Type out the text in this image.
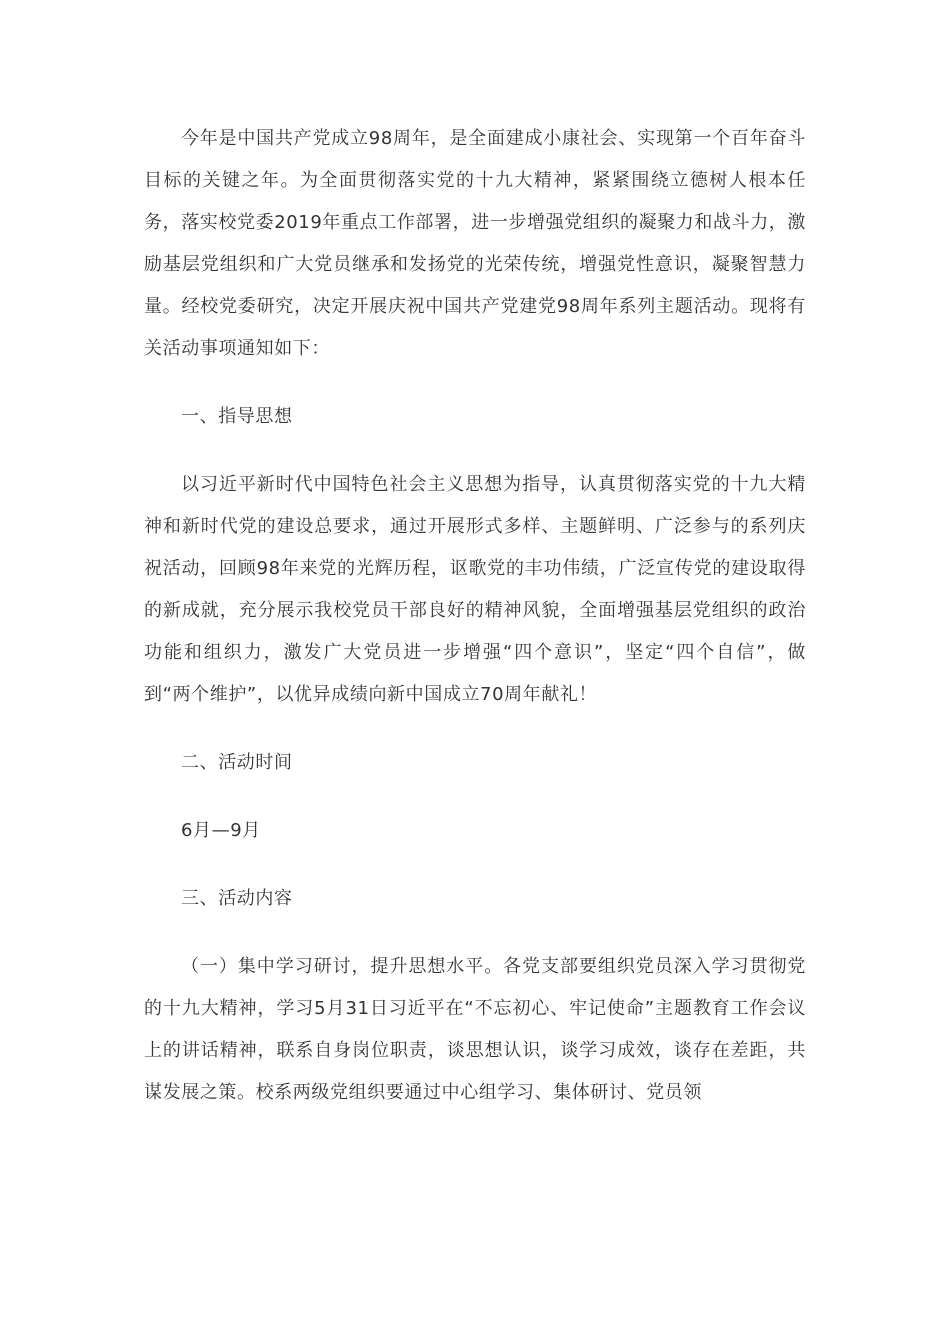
今年是中国共产党成立98周年，是全面建成小康社会、实现第一个百年奋斗目标的关键之年。为全面贯彻落实党的十九大精神，紧紧围绕立德树人根本任务，落实校党委2019年重点工作部署，进一步增强党组织的凝聚力和战斗力，激励基层党组织和广大党员继承和发扬党的光荣传统，增强党性意识，凝聚智慧力量。经校党委研究，决定开展庆祝中国共产党建党98周年系列主题活动。现将有关活动事项通知如下：

一、指导思想

以习近平新时代中国特色社会主义思想为指导，认真贯彻落实党的十九大精神和新时代党的建设总要求，通过开展形式多样、主题鲜明、广泛参与的系列庆祝活动，回顾98年来党的光辉历程，讴歌党的丰功伟绩，广泛宣传党的建设取得的新成就，充分展示我校党员干部良好的精神风貌，全面增强基层党组织的政治功能和组织力，激发广大党员进一步增强“四个意识”，坚定“四个自信”，做到“两个维护”，以优异成绩向新中国成立70周年献礼！

二、活动时间

6月—9月

三、活动内容

（一）集中学习研讨，提升思想水平。各党支部要组织党员深入学习贯彻党的十九大精神，学习5月31日习近平在“不忘初心、牢记使命”主题教育工作会议上的讲话精神，联系自身岗位职责，谈思想认识，谈学习成效，谈存在差距，共谋发展之策。校系两级党组织要通过中心组学习、集体研讨、党员领
